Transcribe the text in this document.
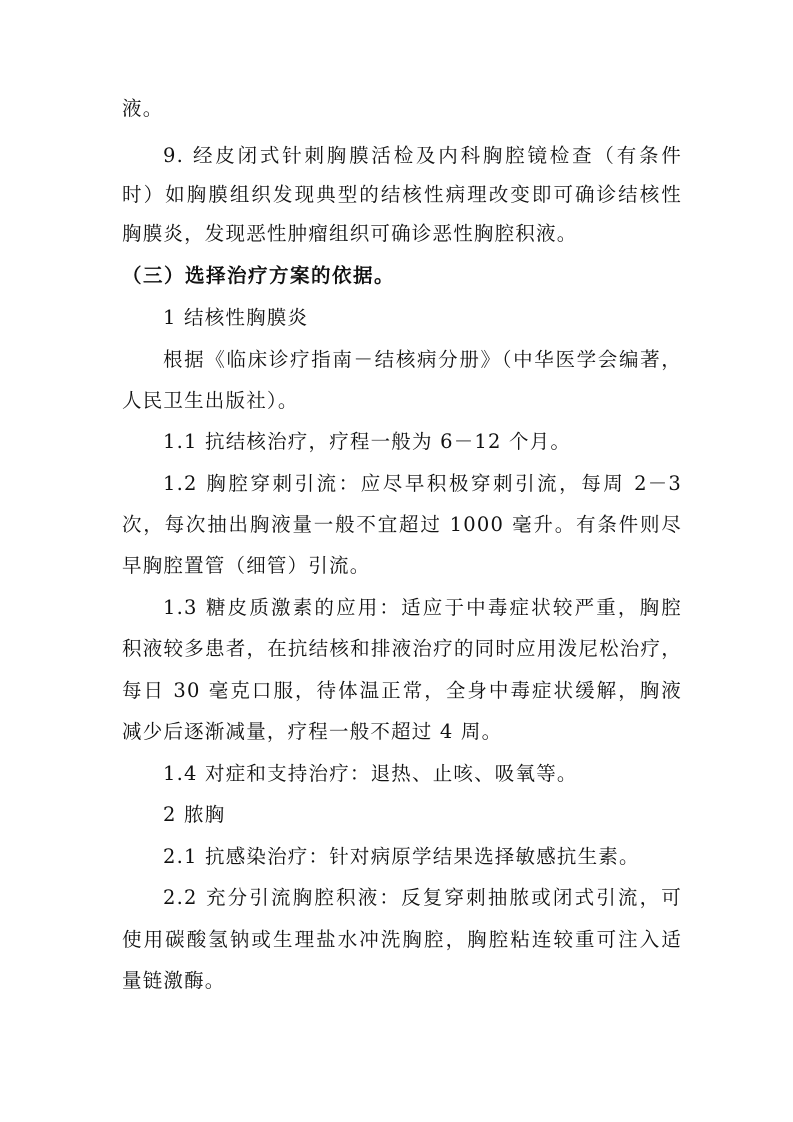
液。
9. 经皮闭式针刺胸膜活检及内科胸腔镜检查（有条件
时）如胸膜组织发现典型的结核性病理改变即可确诊结核性
胸膜炎，发现恶性肿瘤组织可确诊恶性胸腔积液。
（三）选择治疗方案的依据。
1 结核性胸膜炎
根据《临床诊疗指南－结核病分册》（中华医学会编著，
人民卫生出版社）。
1.1 抗结核治疗，疗程一般为 6－12 个月。
1.2 胸腔穿刺引流：应尽早积极穿刺引流，每周 2－3
次，每次抽出胸液量一般不宜超过 1000 毫升。有条件则尽
早胸腔置管（细管）引流。
1.3 糖皮质激素的应用：适应于中毒症状较严重，胸腔
积液较多患者，在抗结核和排液治疗的同时应用泼尼松治疗，
每日 30 毫克口服，待体温正常，全身中毒症状缓解，胸液
减少后逐渐减量，疗程一般不超过 4 周。
1.4 对症和支持治疗：退热、止咳、吸氧等。
2 脓胸
2.1 抗感染治疗：针对病原学结果选择敏感抗生素。
2.2 充分引流胸腔积液：反复穿刺抽脓或闭式引流，可
使用碳酸氢钠或生理盐水冲洗胸腔，胸腔粘连较重可注入适
量链激酶。
